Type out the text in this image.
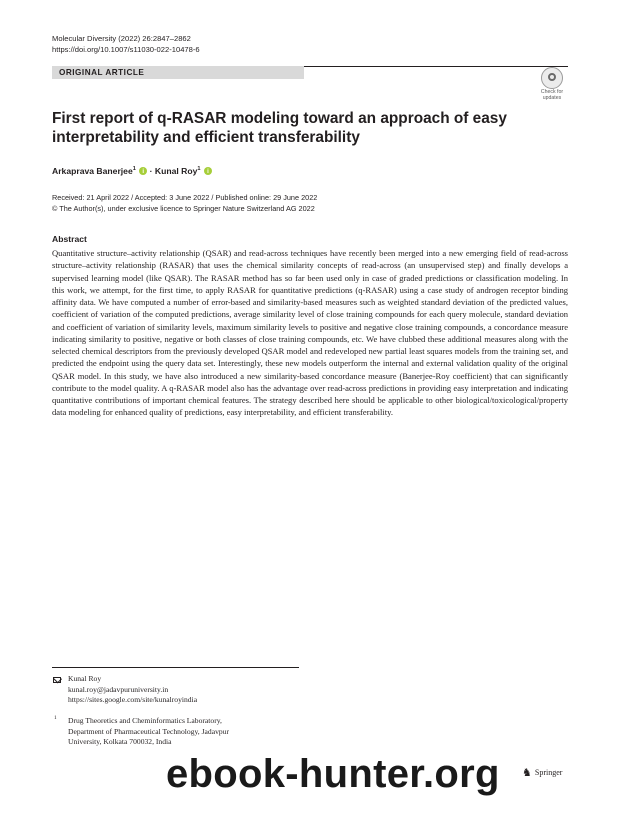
Molecular Diversity (2022) 26:2847–2862
https://doi.org/10.1007/s11030-022-10478-6
ORIGINAL ARTICLE
Check for updates
First report of q-RASAR modeling toward an approach of easy interpretability and efficient transferability
Arkaprava Banerjee$^1$ i · Kunal Roy$^1$ i
Received: 21 April 2022 / Accepted: 3 June 2022 / Published online: 29 June 2022
© The Author(s), under exclusive licence to Springer Nature Switzerland AG 2022
Abstract
Quantitative structure–activity relationship (QSAR) and read-across techniques have recently been merged into a new emerging field of read-across structure–activity relationship (RASAR) that uses the chemical similarity concepts of read-across (an unsupervised step) and finally develops a supervised learning model (like QSAR). The RASAR method has so far been used only in case of graded predictions or classification modeling. In this work, we attempt, for the first time, to apply RASAR for quantitative predictions (q-RASAR) using a case study of androgen receptor binding affinity data. We have computed a number of error-based and similarity-based measures such as weighted standard deviation of the predicted values, coefficient of variation of the computed predictions, average similarity level of close training compounds for each query molecule, standard deviation and coefficient of variation of similarity levels, maximum similarity levels to positive and negative close training compounds, a concordance measure indicating similarity to positive, negative or both classes of close training compounds, etc. We have clubbed these additional measures along with the selected chemical descriptors from the previously developed QSAR model and redeveloped new partial least squares models from the training set, and predicted the endpoint using the query data set. Interestingly, these new models outperform the internal and external validation quality of the original QSAR model. In this study, we have also introduced a new similarity-based concordance measure (Banerjee-Roy coefficient) that can significantly contribute to the model quality. A q-RASAR model also has the advantage over read-across predictions in providing easy interpretation and indicating quantitative contributions of important chemical features. The strategy described here should be applicable to other biological/toxicological/property data modeling for enhanced quality of predictions, easy interpretability, and efficient transferability.
Kunal Roy
kunal.roy@jadavpuruniversity.in
https://sites.google.com/site/kunalroyindia
1 Drug Theoretics and Cheminformatics Laboratory,
Department of Pharmaceutical Technology, Jadavpur
University, Kolkata 700032, India
♞ Springer
ebook-hunter.org
